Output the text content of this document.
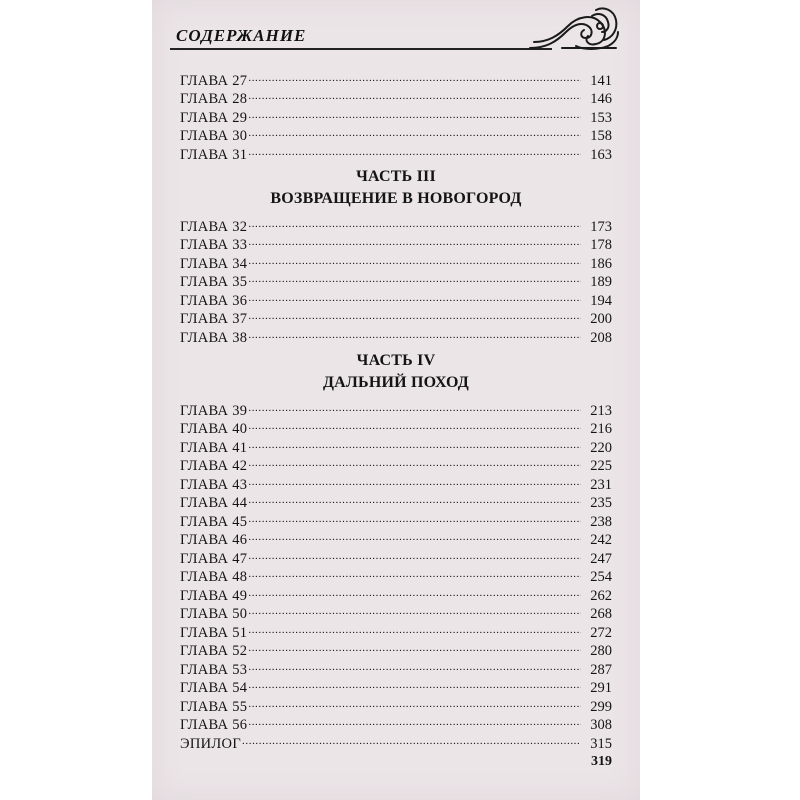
СОДЕРЖАНИЕ
ГЛАВА 27 .....	141
ГЛАВА 28 .....	146
ГЛАВА 29 .....	153
ГЛАВА 30 .....	158
ГЛАВА 31 .....	163
ЧАСТЬ III
ВОЗВРАЩЕНИЕ В НОВОГОРОД
ГЛАВА 32 .....	173
ГЛАВА 33 .....	178
ГЛАВА 34 .....	186
ГЛАВА 35 .....	189
ГЛАВА 36 .....	194
ГЛАВА 37 .....	200
ГЛАВА 38 .....	208
ЧАСТЬ IV
ДАЛЬНИЙ ПОХОД
ГЛАВА 39 .....	213
ГЛАВА 40 .....	216
ГЛАВА 41 .....	220
ГЛАВА 42 .....	225
ГЛАВА 43 .....	231
ГЛАВА 44 .....	235
ГЛАВА 45 .....	238
ГЛАВА 46 .....	242
ГЛАВА 47 .....	247
ГЛАВА 48 .....	254
ГЛАВА 49 .....	262
ГЛАВА 50 .....	268
ГЛАВА 51 .....	272
ГЛАВА 52 .....	280
ГЛАВА 53 .....	287
ГЛАВА 54 .....	291
ГЛАВА 55 .....	299
ГЛАВА 56 .....	308
ЭПИЛОГ .....	315
319
